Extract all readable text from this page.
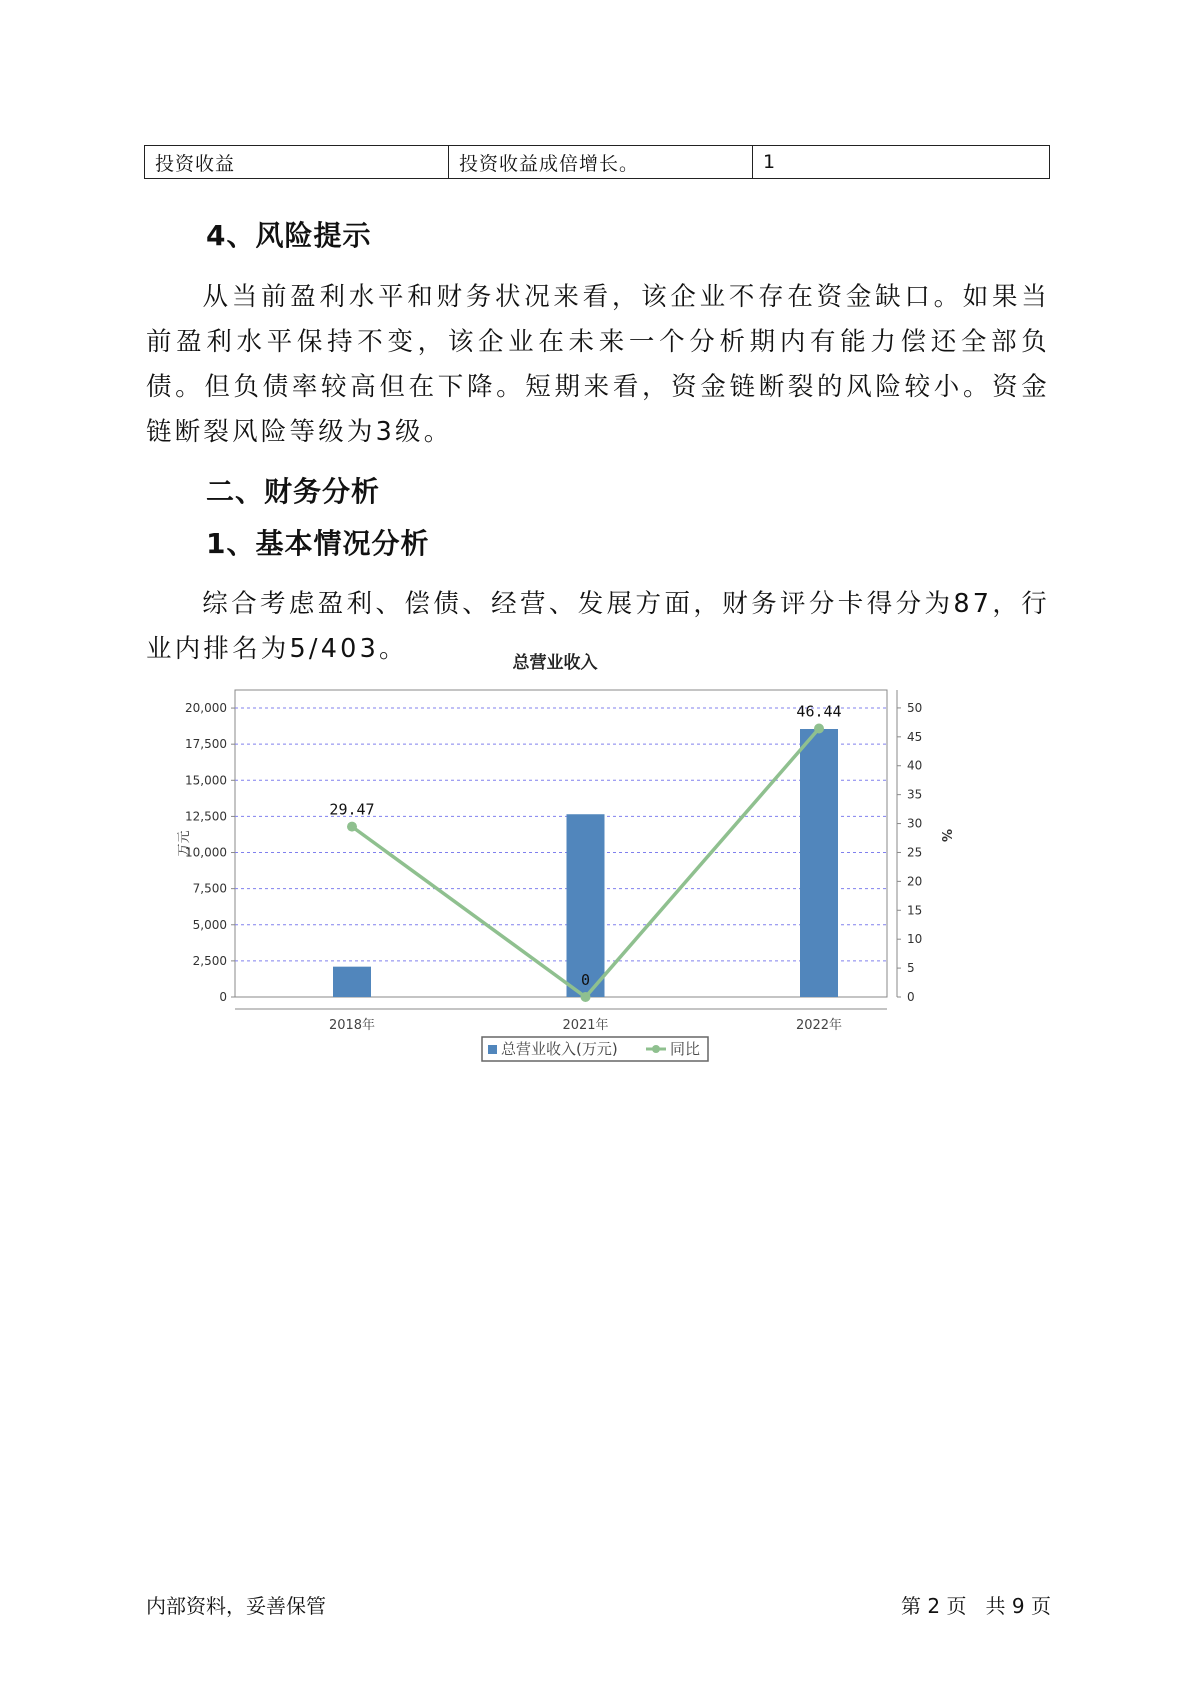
投资收益	投资收益成倍增长。	1
4、风险提示
从当前盈利水平和财务状况来看，该企业不存在资金缺口。如果当前盈利水平保持不变，该企业在未来一个分析期内有能力偿还全部负债。但负债率较高但在下降。短期来看，资金链断裂的风险较小。资金链断裂风险等级为3级。
二、财务分析
1、基本情况分析
综合考虑盈利、偿债、经营、发展方面，财务评分卡得分为87，行业内排名为5/403。	总营业收入
0
2,500
5,000
7,500
10,000
12,500
15,000
17,500
20,000
0
5
10
15
20
25
30
35
40
45
50
万元	%
2018年	2021年	2022年
29.47
0
46.44
总营业收入(万元)	同比
内部资料，妥善保管	第 2 页   共 9 页
